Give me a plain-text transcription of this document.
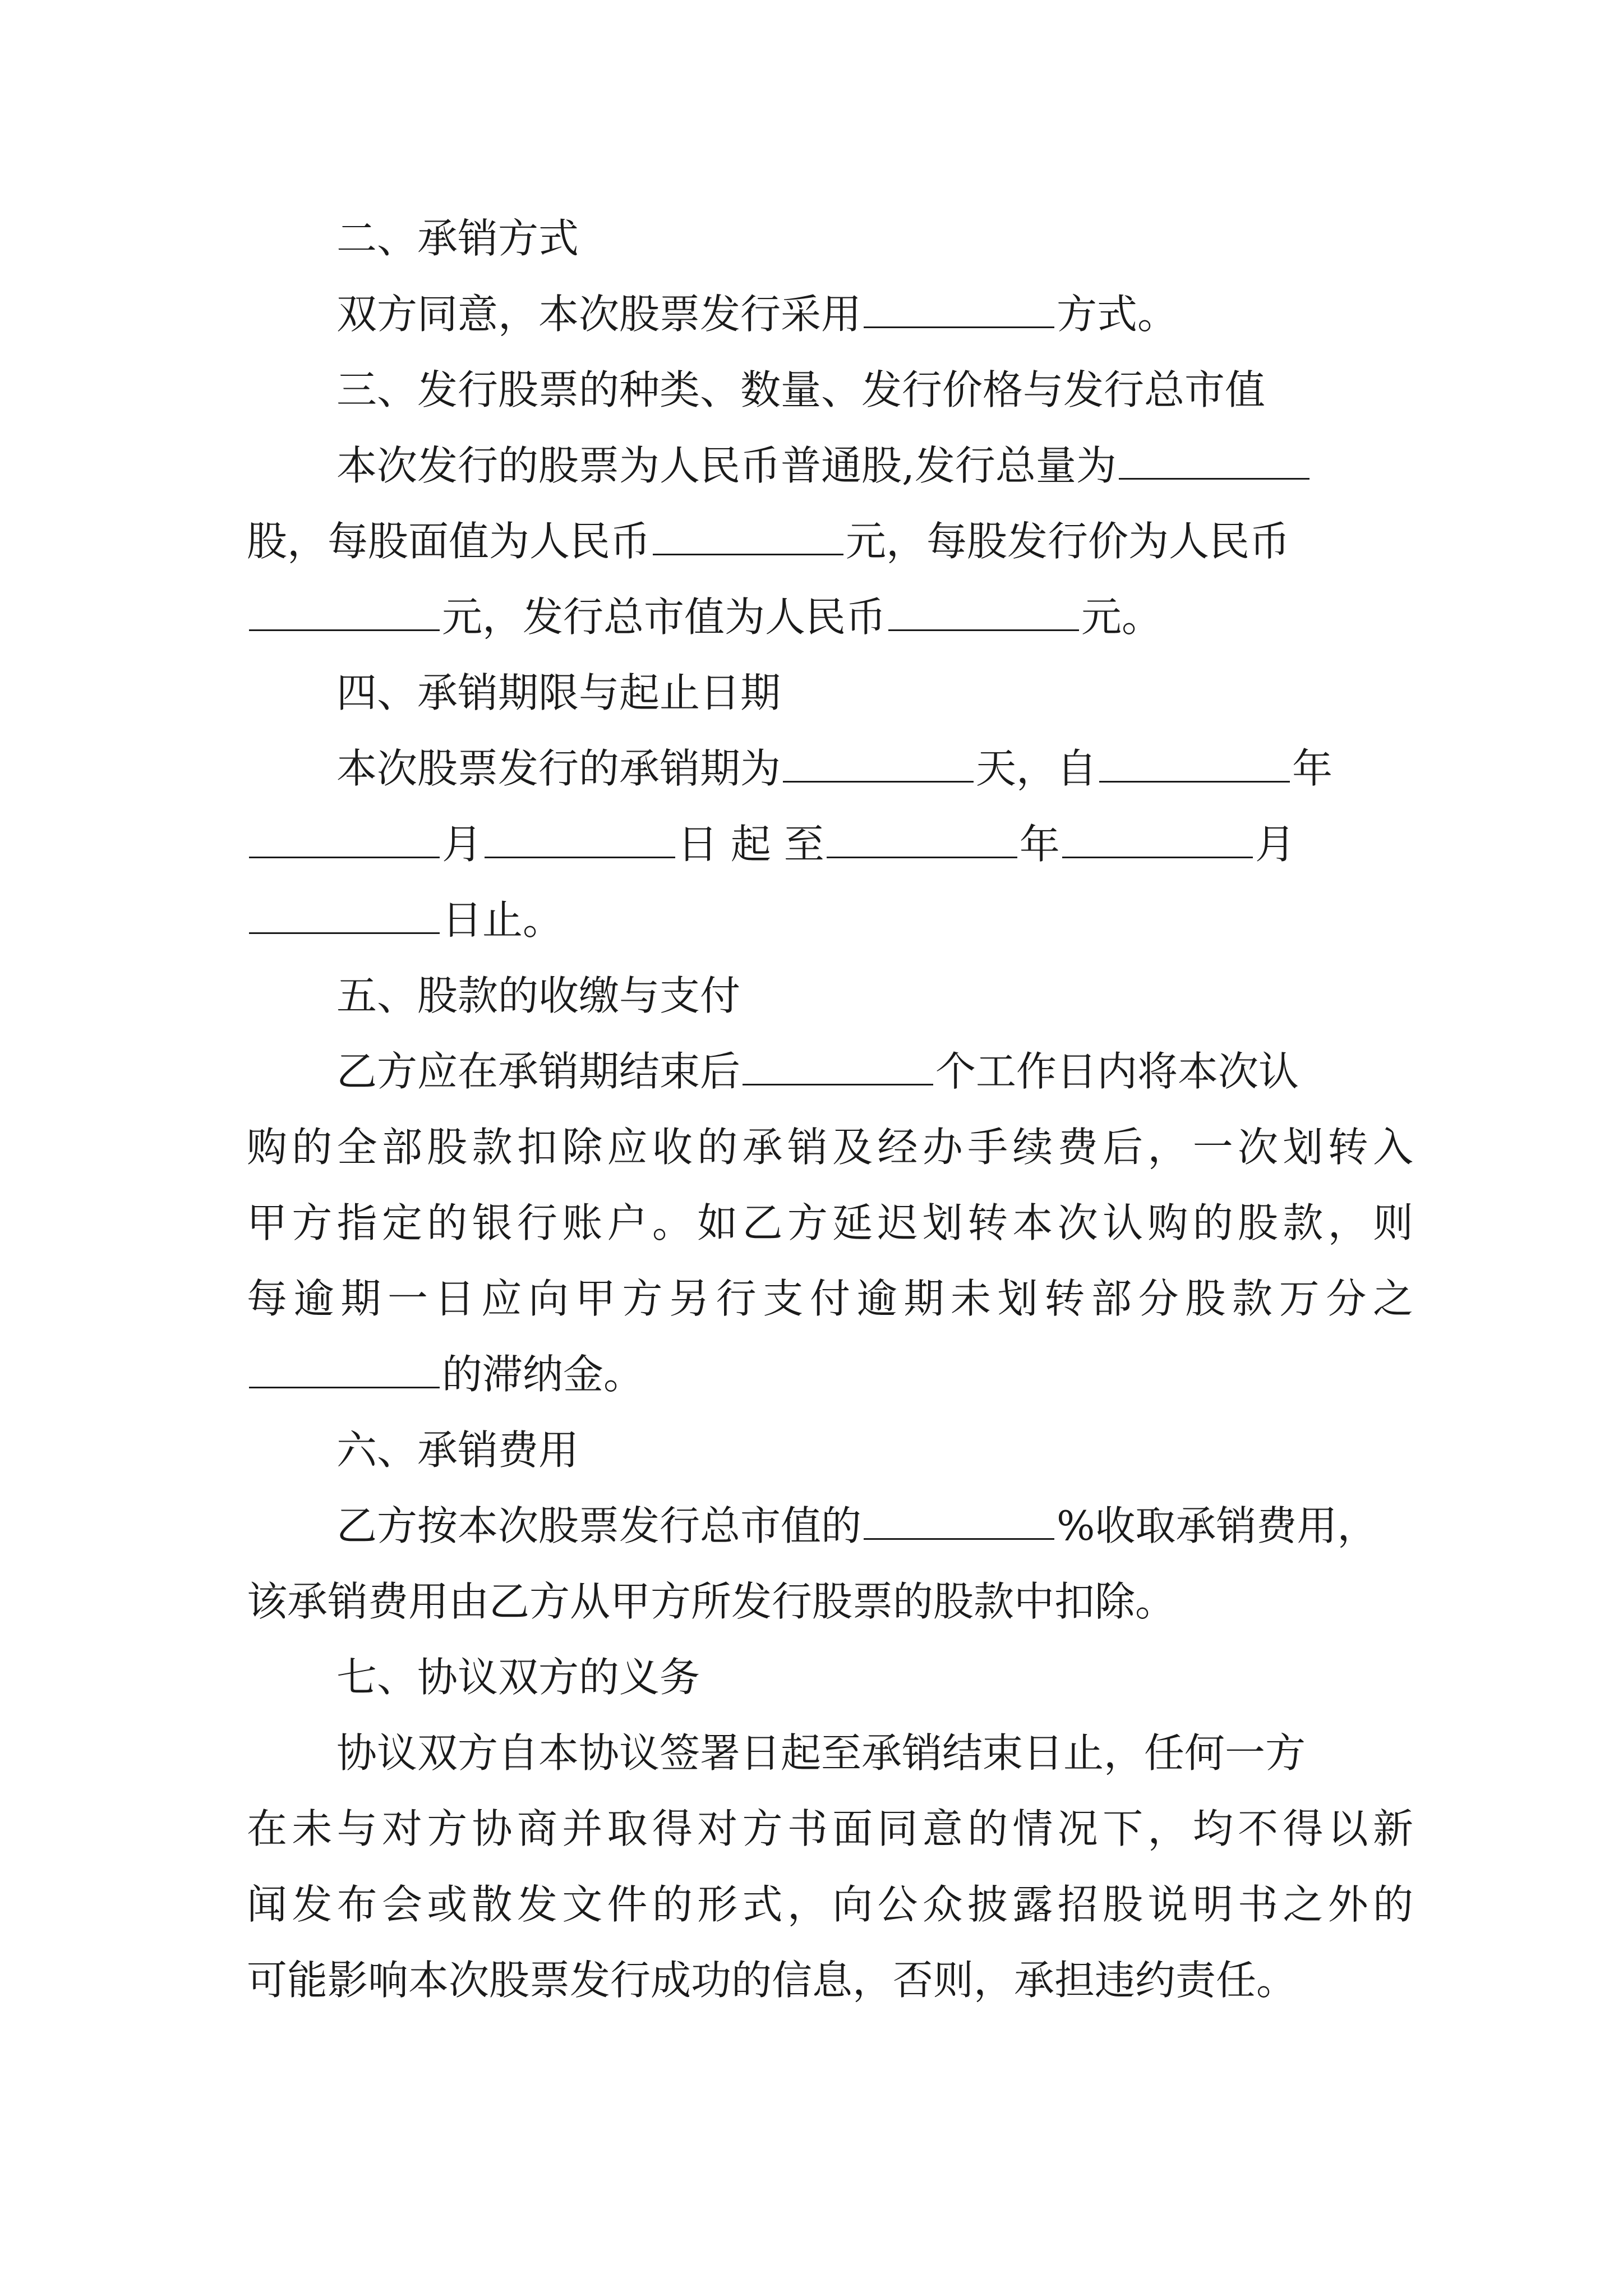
二、承销方式
双方同意，本次股票发行采用	方式。
三、发行股票的种类、数量、发行价格与发行总市值
本次发行的股票为人民币普通股,发行总量为
股，每股面值为人民币	元，每股发行价为人民币
元，发行总市值为人民币	元。
四、承销期限与起止日期
本次股票发行的承销期为	天，自	年
月	日 起 至	年	月
日止。
五、股款的收缴与支付
乙方应在承销期结束后	个工作日内将本次认
购的全部股款扣除应收的承销及经办手续费后，一次划转入
甲方指定的银行账户。如乙方延迟划转本次认购的股款，则
每逾期一日应向甲方另行支付逾期未划转部分股款万分之
的滞纳金。
六、承销费用
乙方按本次股票发行总市值的	%收取承销费用，
该承销费用由乙方从甲方所发行股票的股款中扣除。
七、协议双方的义务
协议双方自本协议签署日起至承销结束日止，任何一方
在未与对方协商并取得对方书面同意的情况下，均不得以新
闻发布会或散发文件的形式，向公众披露招股说明书之外的
可能影响本次股票发行成功的信息，否则，承担违约责任。
